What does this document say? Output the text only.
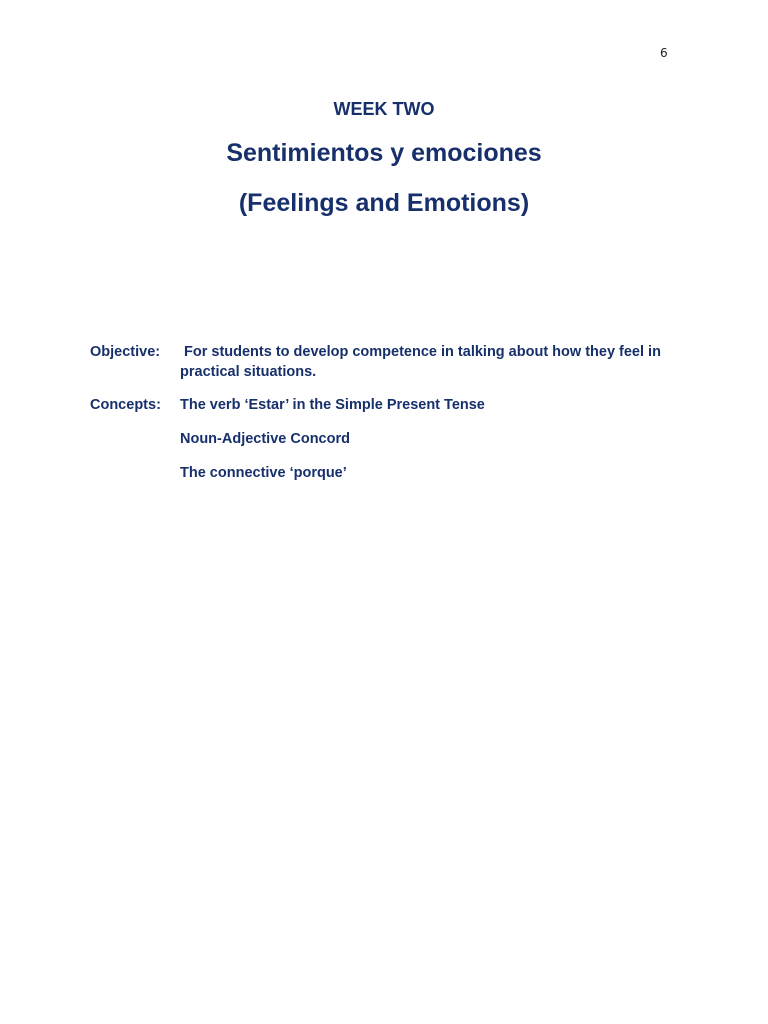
6
WEEK TWO
Sentimientos y emociones
(Feelings and Emotions)
Objective:	For students to develop competence in talking about how they feel in practical situations.
Concepts:	The verb ‘Estar’ in the Simple Present Tense
Noun-Adjective Concord
The connective ‘porque’
